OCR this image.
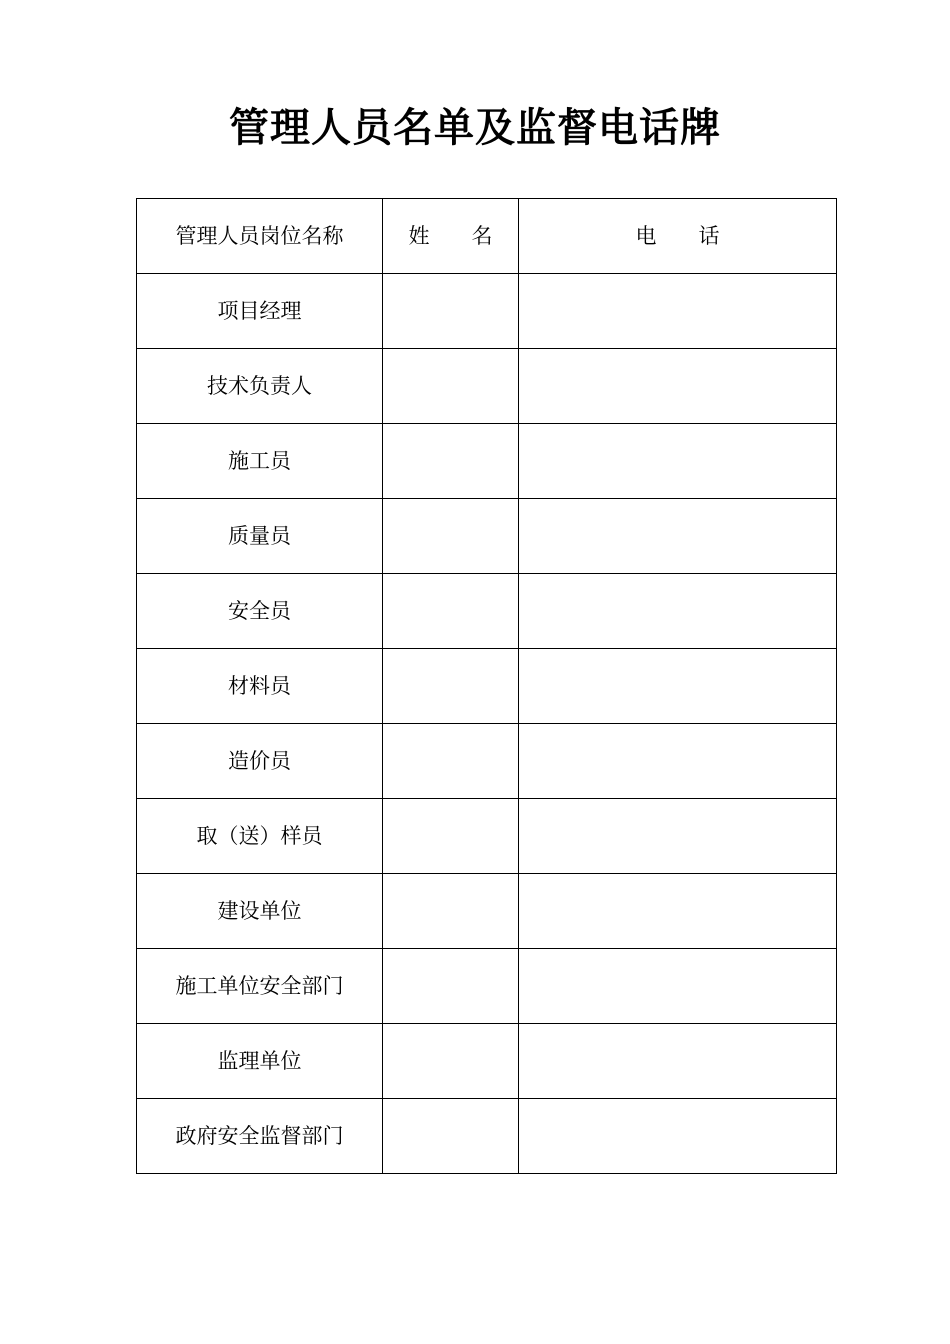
管理人员名单及监督电话牌
管理人员岗位名称	姓　　名	电　　话
项目经理		
技术负责人		
施工员		
质量员		
安全员		
材料员		
造价员		
取（送）样员		
建设单位		
施工单位安全部门		
监理单位		
政府安全监督部门		
